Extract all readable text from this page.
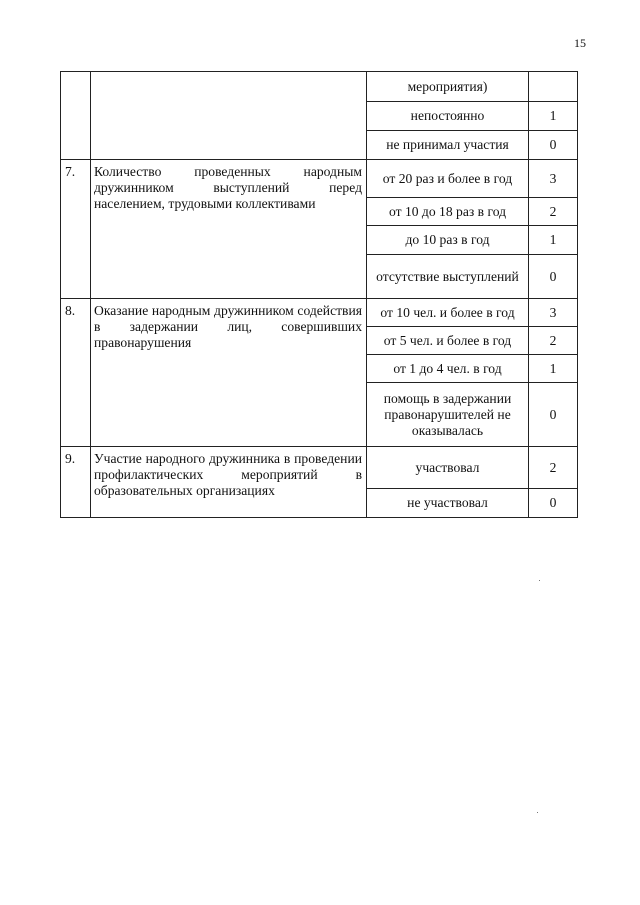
15
		мероприятия)	
		непостоянно	1
		не принимал участия	0
7.	Количество проведенных народным дружинником выступлений перед населением, трудовыми коллективами	от 20 раз и более в год	3
		от 10 до 18 раз в год	2
		до 10 раз в год	1
		отсутствие выступлений	0
8.	Оказание народным дружинником содействия в задержании лиц, совершивших правонарушения	от 10 чел. и более в год	3
		от 5 чел. и более в год	2
		от 1 до 4 чел. в год	1
		помощь в задержании правонарушителей не оказывалась	0
9.	Участие народного дружинника в проведении профилактических мероприятий в образовательных организациях	участвовал	2
		не участвовал	0
